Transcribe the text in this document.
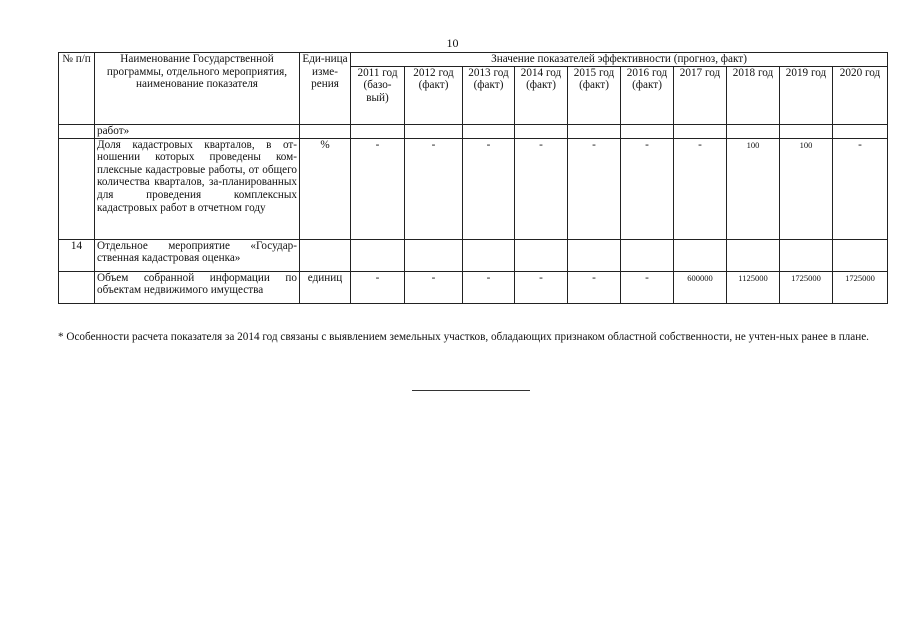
10
№ п/п	Наименование Государственной программы, отдельного мероприятия, наименование показателя	Еди-ница изме-рения	Значение показателей эффективности (прогноз, факт)									
			2011 год (базо-вый)	2012 год (факт)	2013 год (факт)	2014 год (факт)	2015 год (факт)	2016 год (факт)	2017 год	2018 год	2019 год	2020 год
	работ»											
	Доля кадастровых кварталов, в от-ношении которых проведены ком-плексные кадастровые работы, от общего количества кварталов, за-планированных для проведения комплексных кадастровых работ в отчетном году	%	-	-	-	-	-	-	-	100	100	-
14	Отдельное мероприятие «Государ-ственная кадастровая оценка»											
	Объем собранной информации по объектам недвижимого имущества	единиц	-	-	-	-	-	-	600000	1125000	1725000	1725000
* Особенности расчета показателя за 2014 год связаны с выявлением земельных участков, обладающих признаком областной собственности, не учтен-ных ранее в плане.
